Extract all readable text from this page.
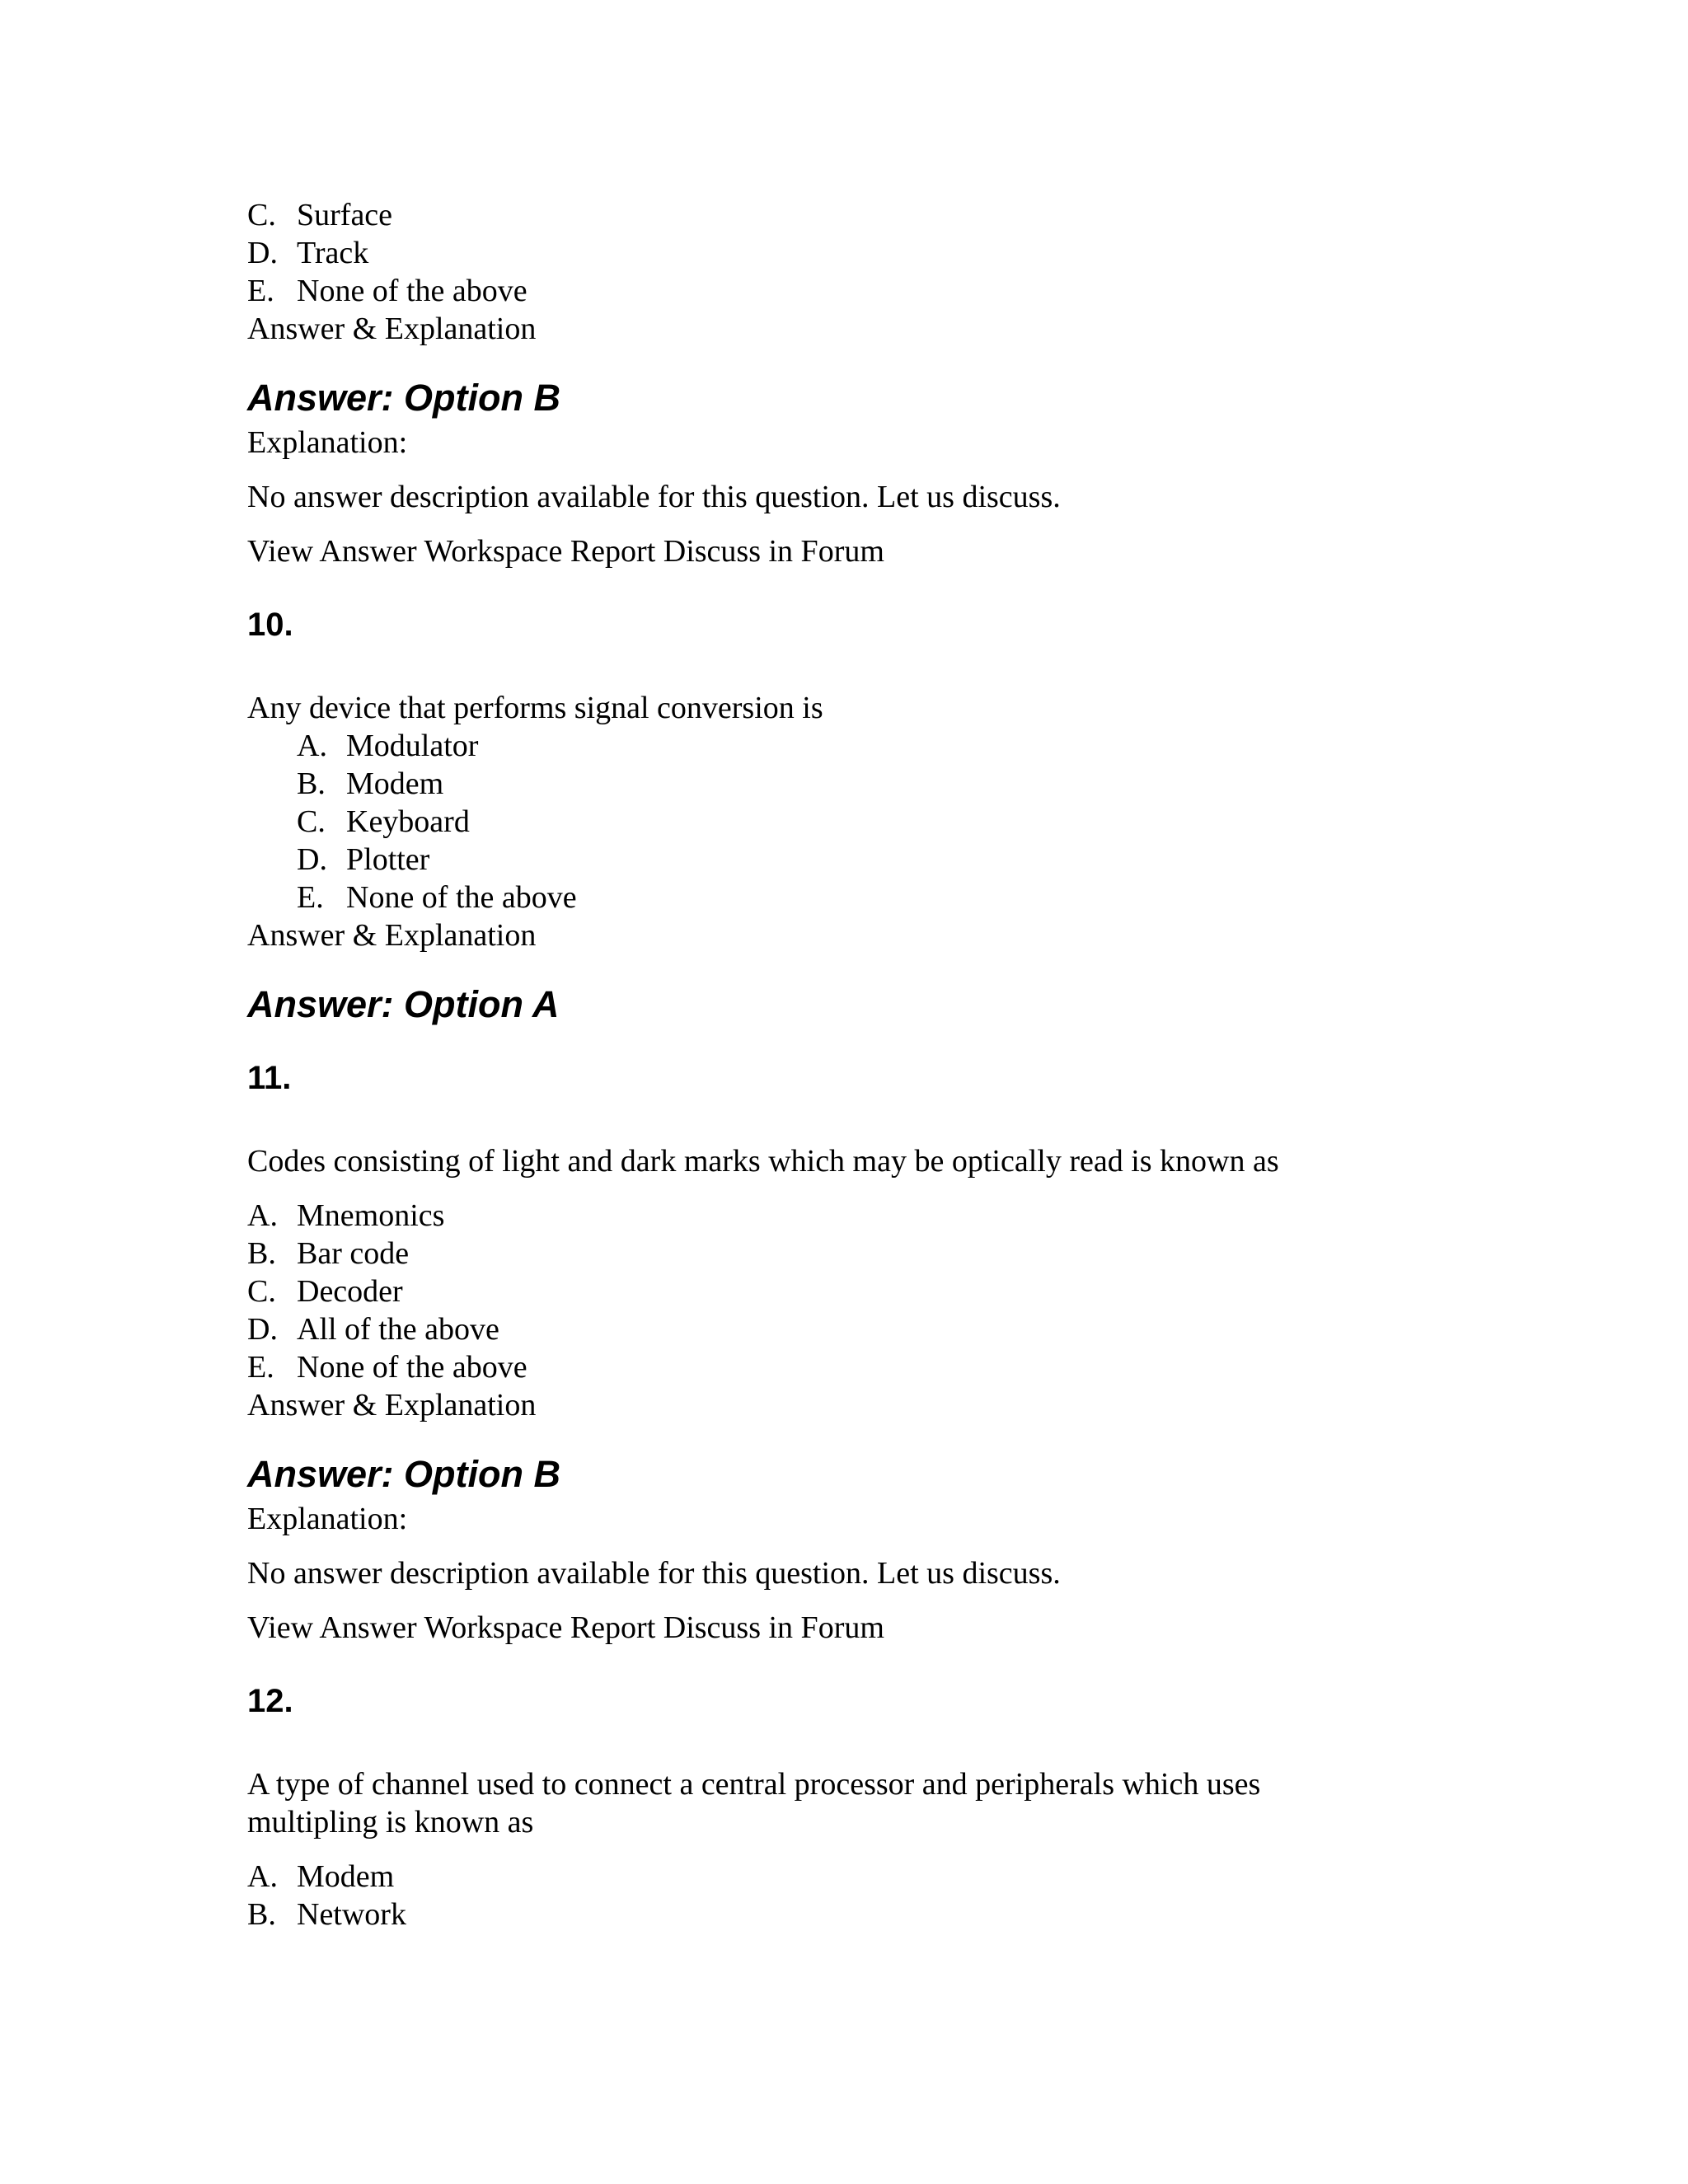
C. Surface
D. Track
E. None of the above
Answer & Explanation
Answer: Option B
Explanation:
No answer description available for this question. Let us discuss.
View Answer Workspace Report Discuss in Forum
10.
Any device that performs signal conversion is
A. Modulator
B. Modem
C. Keyboard
D. Plotter
E. None of the above
Answer & Explanation
Answer: Option A
11.
Codes consisting of light and dark marks which may be optically read is known as
A. Mnemonics
B. Bar code
C. Decoder
D. All of the above
E. None of the above
Answer & Explanation
Answer: Option B
Explanation:
No answer description available for this question. Let us discuss.
View Answer Workspace Report Discuss in Forum
12.
A type of channel used to connect a central processor and peripherals which uses
multipling is known as
A. Modem
B. Network
